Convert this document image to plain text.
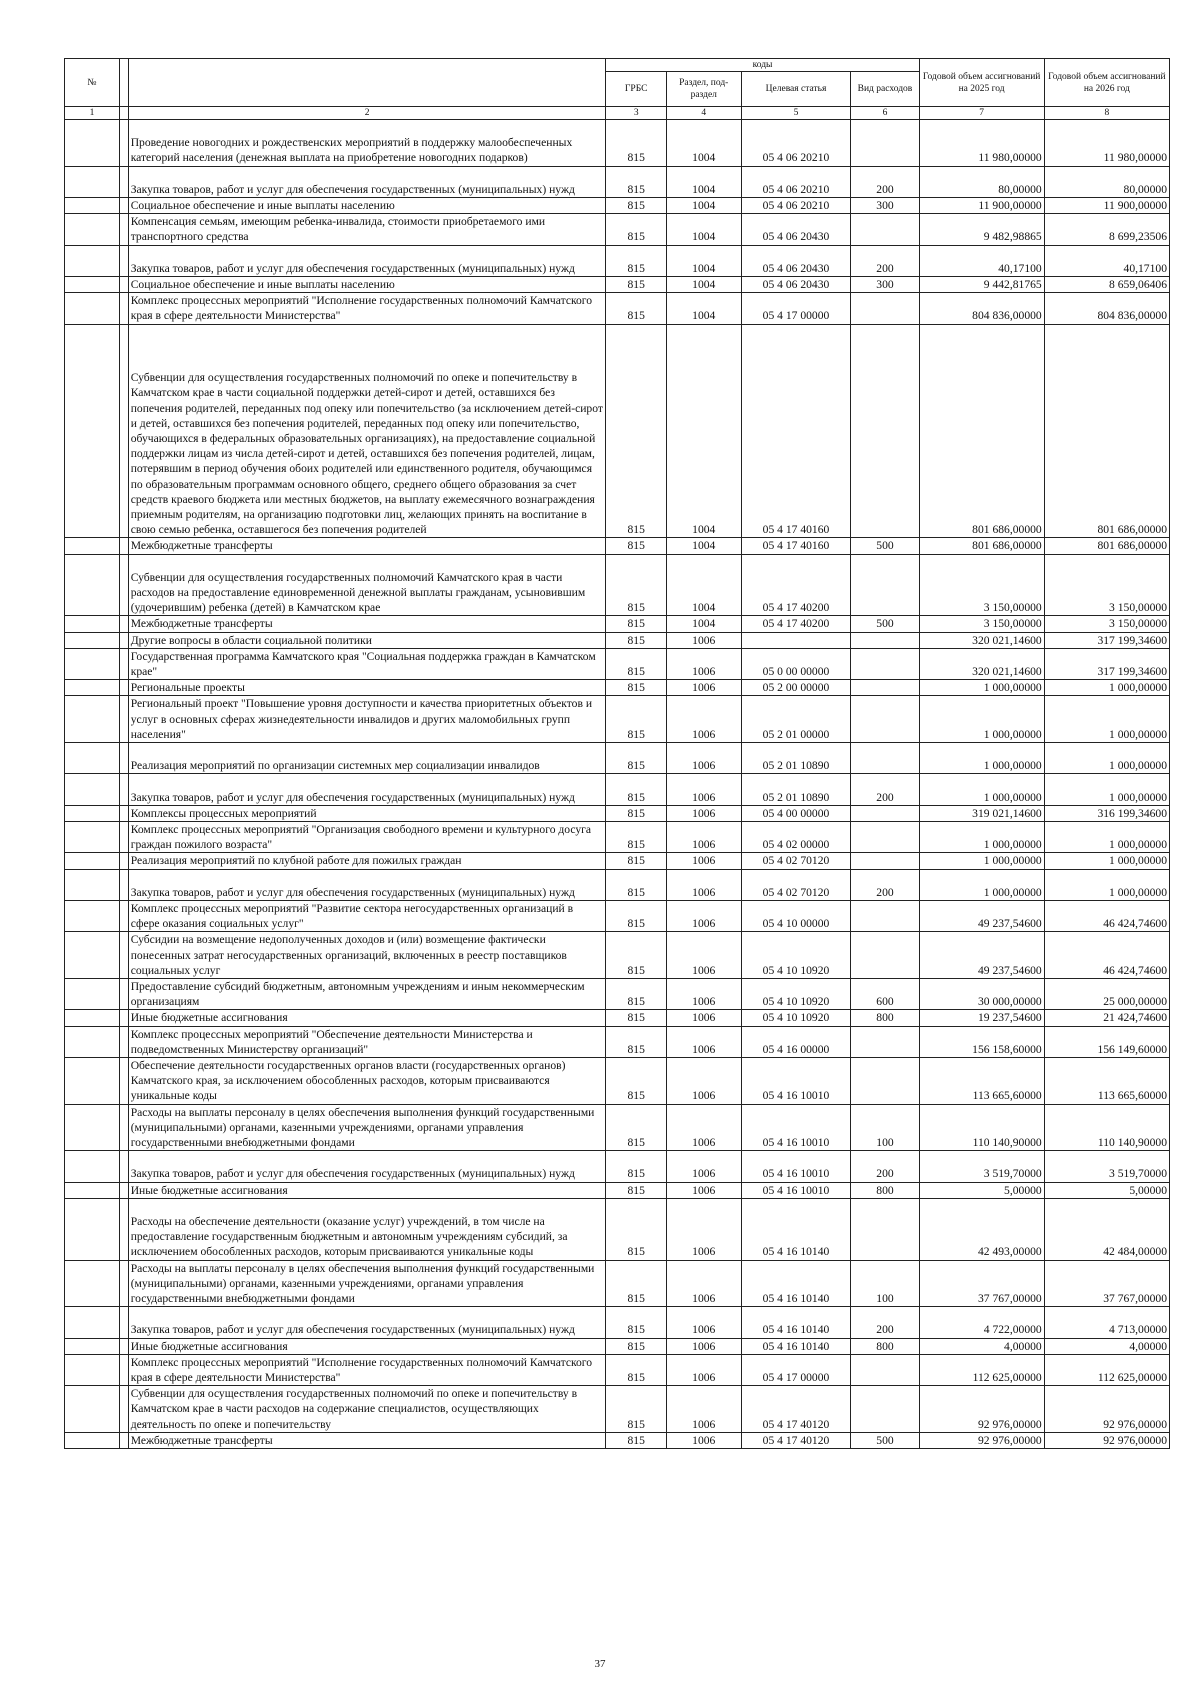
№			коды				Годовой объем ассигнований на 2025 год	Годовой объем ассигнований на 2026 год
			ГРБС	Раздел, под-раздел	Целевая статья	Вид расходов		
1		2	3	4	5	6	7	8
		Проведение новогодних и рождественских мероприятий в поддержку малообеспеченных категорий населения (денежная выплата на приобретение новогодних подарков)	815	1004	05 4 06 20210		11 980,00000	11 980,00000
		Закупка товаров, работ и услуг для обеспечения государственных (муниципальных) нужд	815	1004	05 4 06 20210	200	80,00000	80,00000
		Социальное обеспечение и иные выплаты населению	815	1004	05 4 06 20210	300	11 900,00000	11 900,00000
		Компенсация семьям, имеющим ребенка-инвалида, стоимости приобретаемого ими транспортного средства	815	1004	05 4 06 20430		9 482,98865	8 699,23506
		Закупка товаров, работ и услуг для обеспечения государственных (муниципальных) нужд	815	1004	05 4 06 20430	200	40,17100	40,17100
		Социальное обеспечение и иные выплаты населению	815	1004	05 4 06 20430	300	9 442,81765	8 659,06406
		Комплекс процессных мероприятий "Исполнение государственных полномочий Камчатского края в сфере деятельности Министерства"	815	1004	05 4 17 00000		804 836,00000	804 836,00000
		Субвенции для осуществления государственных полномочий по опеке и попечительству в Камчатском крае в части социальной поддержки детей-сирот и детей, оставшихся без попечения родителей, переданных под опеку или попечительство (за исключением детей-сирот и детей, оставшихся без попечения родителей, переданных под опеку или попечительство, обучающихся в федеральных образовательных организациях), на предоставление социальной поддержки лицам из числа детей-сирот и детей, оставшихся без попечения родителей, лицам, потерявшим в период обучения обоих родителей или единственного родителя, обучающимся по образовательным программам основного общего, среднего общего образования за счет средств краевого бюджета или местных бюджетов, на выплату ежемесячного вознаграждения приемным родителям, на организацию подготовки лиц, желающих принять на воспитание в свою семью ребенка, оставшегося без попечения родителей	815	1004	05 4 17 40160		801 686,00000	801 686,00000
		Межбюджетные трансферты	815	1004	05 4 17 40160	500	801 686,00000	801 686,00000
		Субвенции для осуществления государственных полномочий Камчатского края в части расходов на предоставление единовременной денежной выплаты гражданам, усыновившим (удочерившим) ребенка (детей) в Камчатском крае	815	1004	05 4 17 40200		3 150,00000	3 150,00000
		Межбюджетные трансферты	815	1004	05 4 17 40200	500	3 150,00000	3 150,00000
		Другие вопросы в области социальной политики	815	1006			320 021,14600	317 199,34600
		Государственная программа Камчатского края "Социальная поддержка граждан в Камчатском крае"	815	1006	05 0 00 00000		320 021,14600	317 199,34600
		Региональные проекты	815	1006	05 2 00 00000		1 000,00000	1 000,00000
		Региональный проект "Повышение уровня доступности и качества приоритетных объектов и услуг в основных сферах жизнедеятельности инвалидов и других маломобильных групп населения"	815	1006	05 2 01 00000		1 000,00000	1 000,00000
		Реализация мероприятий по организации системных мер социализации инвалидов	815	1006	05 2 01 10890		1 000,00000	1 000,00000
		Закупка товаров, работ и услуг для обеспечения государственных (муниципальных) нужд	815	1006	05 2 01 10890	200	1 000,00000	1 000,00000
		Комплексы процессных мероприятий	815	1006	05 4 00 00000		319 021,14600	316 199,34600
		Комплекс процессных мероприятий "Организация свободного времени и культурного досуга граждан пожилого возраста"	815	1006	05 4 02 00000		1 000,00000	1 000,00000
		Реализация мероприятий по клубной работе для пожилых граждан	815	1006	05 4 02 70120		1 000,00000	1 000,00000
		Закупка товаров, работ и услуг для обеспечения государственных (муниципальных) нужд	815	1006	05 4 02 70120	200	1 000,00000	1 000,00000
		Комплекс процессных мероприятий "Развитие сектора негосударственных организаций в сфере оказания социальных услуг"	815	1006	05 4 10 00000		49 237,54600	46 424,74600
		Субсидии на возмещение недополученных доходов и (или) возмещение фактически понесенных затрат негосударственных организаций, включенных в реестр поставщиков социальных услуг	815	1006	05 4 10 10920		49 237,54600	46 424,74600
		Предоставление субсидий бюджетным, автономным учреждениям и иным некоммерческим организациям	815	1006	05 4 10 10920	600	30 000,00000	25 000,00000
		Иные бюджетные ассигнования	815	1006	05 4 10 10920	800	19 237,54600	21 424,74600
		Комплекс процессных мероприятий "Обеспечение деятельности Министерства и подведомственных Министерству организаций"	815	1006	05 4 16 00000		156 158,60000	156 149,60000
		Обеспечение деятельности государственных органов власти (государственных органов) Камчатского края, за исключением обособленных расходов, которым присваиваются уникальные коды	815	1006	05 4 16 10010		113 665,60000	113 665,60000
		Расходы на выплаты персоналу в целях обеспечения выполнения функций государственными (муниципальными) органами, казенными учреждениями, органами управления государственными внебюджетными фондами	815	1006	05 4 16 10010	100	110 140,90000	110 140,90000
		Закупка товаров, работ и услуг для обеспечения государственных (муниципальных) нужд	815	1006	05 4 16 10010	200	3 519,70000	3 519,70000
		Иные бюджетные ассигнования	815	1006	05 4 16 10010	800	5,00000	5,00000
		Расходы на обеспечение деятельности (оказание услуг) учреждений, в том числе на предоставление государственным бюджетным и автономным учреждениям субсидий, за исключением обособленных расходов, которым присваиваются уникальные коды	815	1006	05 4 16 10140		42 493,00000	42 484,00000
		Расходы на выплаты персоналу в целях обеспечения выполнения функций государственными (муниципальными) органами, казенными учреждениями, органами управления государственными внебюджетными фондами	815	1006	05 4 16 10140	100	37 767,00000	37 767,00000
		Закупка товаров, работ и услуг для обеспечения государственных (муниципальных) нужд	815	1006	05 4 16 10140	200	4 722,00000	4 713,00000
		Иные бюджетные ассигнования	815	1006	05 4 16 10140	800	4,00000	4,00000
		Комплекс процессных мероприятий "Исполнение государственных полномочий Камчатского края в сфере деятельности Министерства"	815	1006	05 4 17 00000		112 625,00000	112 625,00000
		Субвенции для осуществления государственных полномочий по опеке и попечительству в Камчатском крае в части расходов на содержание специалистов, осуществляющих деятельность по опеке и попечительству	815	1006	05 4 17 40120		92 976,00000	92 976,00000
		Межбюджетные трансферты	815	1006	05 4 17 40120	500	92 976,00000	92 976,00000
37
